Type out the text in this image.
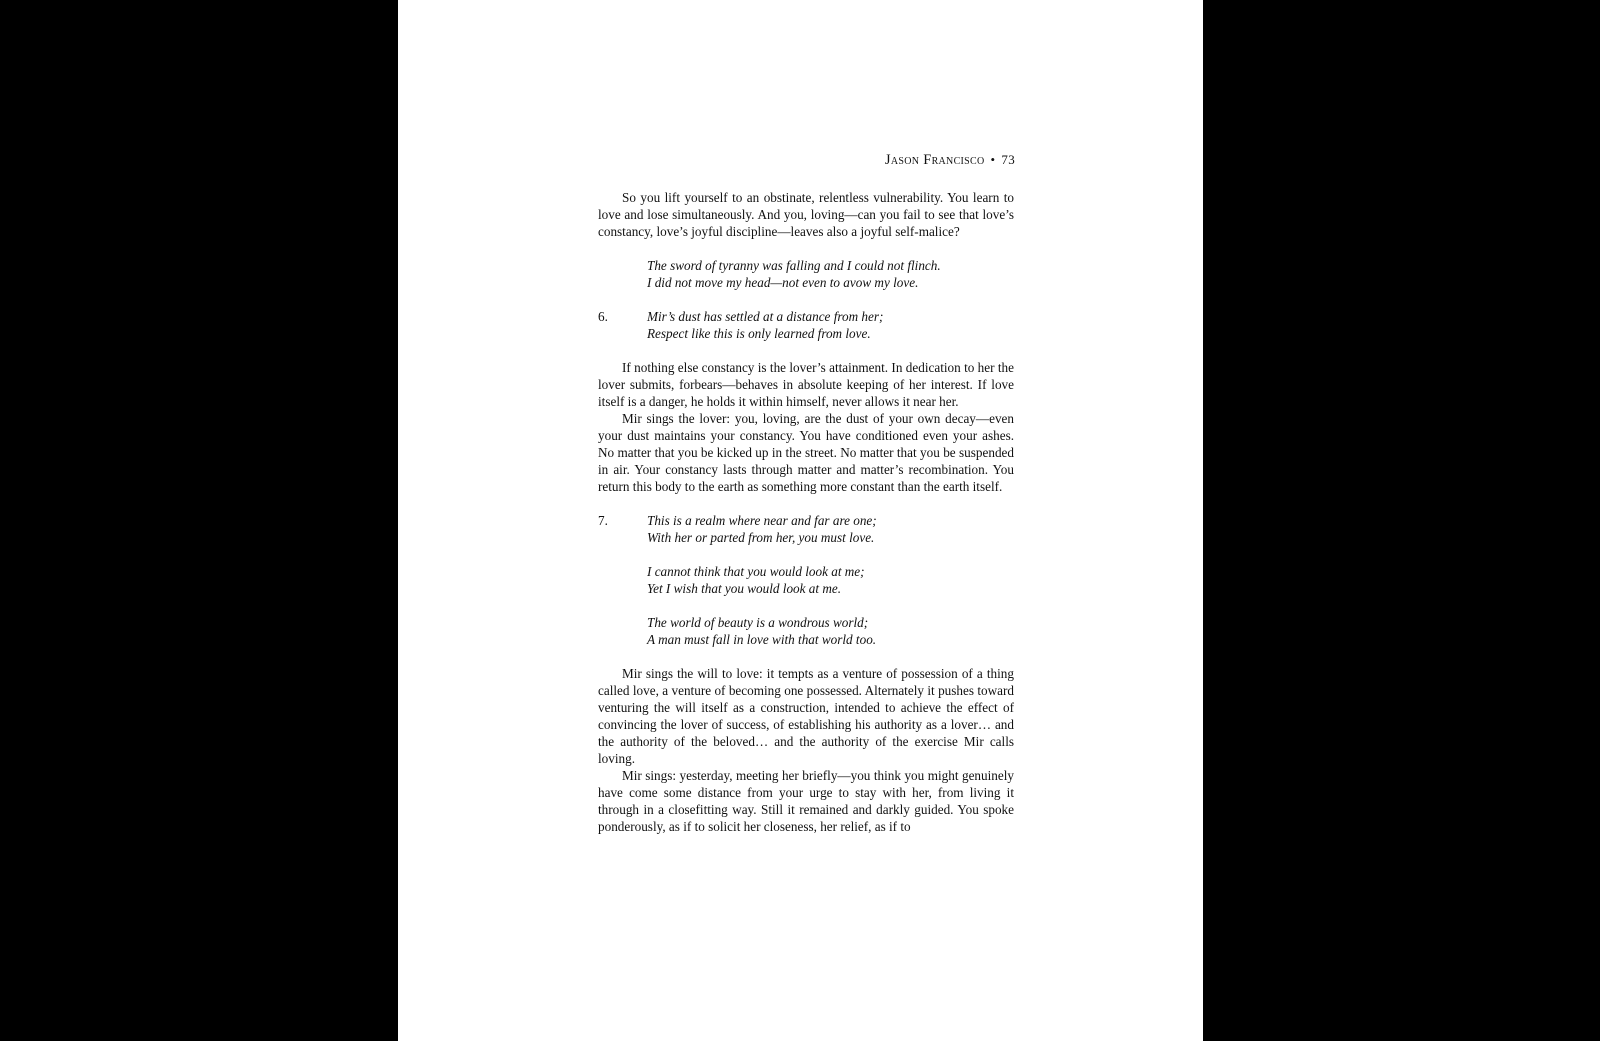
Jason Francisco • 73

So you lift yourself to an obstinate, relentless vulnerability. You learn to love and lose simultaneously. And you, loving—can you fail to see that love’s constancy, love’s joyful discipline—leaves also a joyful self-malice?

The sword of tyranny was falling and I could not flinch.
I did not move my head—not even to avow my love.
6.	Mir’s dust has settled at a distance from her;
Respect like this is only learned from love.

If nothing else constancy is the lover’s attainment. In dedication to her the lover submits, forbears—behaves in absolute keeping of her interest. If love itself is a danger, he holds it within himself, never allows it near her.

Mir sings the lover: you, loving, are the dust of your own decay—even your dust maintains your constancy. You have conditioned even your ashes. No matter that you be kicked up in the street. No matter that you be suspended in air. Your constancy lasts through matter and matter’s recombination. You return this body to the earth as something more constant than the earth itself.

7.	This is a realm where near and far are one;
With her or parted from her, you must love.
I cannot think that you would look at me;
Yet I wish that you would look at me.
The world of beauty is a wondrous world;
A man must fall in love with that world too.

Mir sings the will to love: it tempts as a venture of possession of a thing called love, a venture of becoming one possessed. Alternately it pushes toward venturing the will itself as a construction, intended to achieve the effect of convincing the lover of success, of establishing his authority as a lover… and the authority of the beloved… and the authority of the exercise Mir calls loving.

Mir sings: yesterday, meeting her briefly—you think you might genuinely have come some distance from your urge to stay with her, from living it through in a closefitting way. Still it remained and darkly guided. You spoke ponderously, as if to solicit her closeness, her relief, as if to
